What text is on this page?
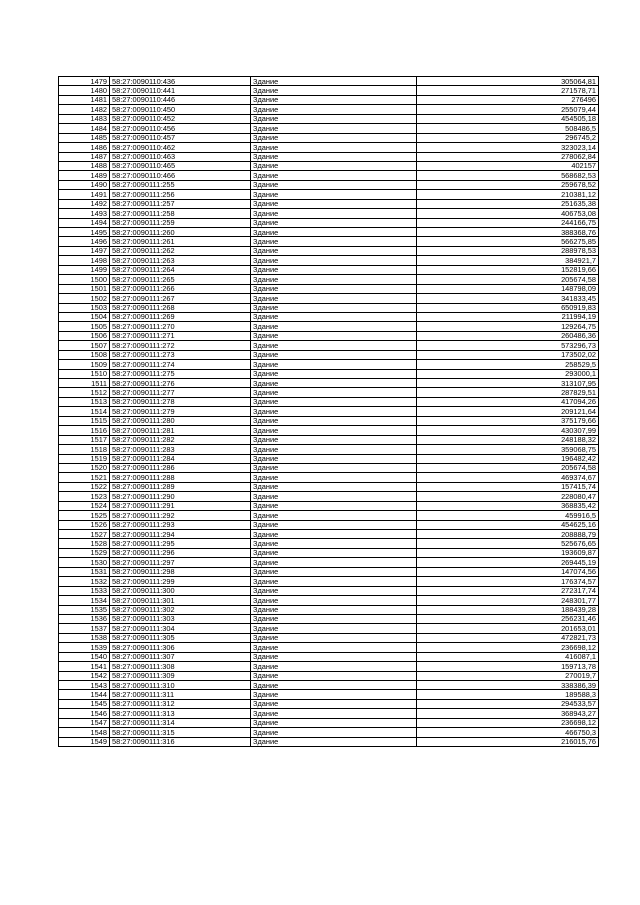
1479	58:27:0090110:436	Здание	305064,81
1480	58:27:0090110:441	Здание	271578,71
1481	58:27:0090110:446	Здание	276496
1482	58:27:0090110:450	Здание	255079,44
1483	58:27:0090110:452	Здание	454505,18
1484	58:27:0090110:456	Здание	508486,5
1485	58:27:0090110:457	Здание	296745,2
1486	58:27:0090110:462	Здание	323023,14
1487	58:27:0090110:463	Здание	278062,84
1488	58:27:0090110:465	Здание	402157
1489	58:27:0090110:466	Здание	568682,53
1490	58:27:0090111:255	Здание	259678,52
1491	58:27:0090111:256	Здание	210381,12
1492	58:27:0090111:257	Здание	251635,38
1493	58:27:0090111:258	Здание	406753,08
1494	58:27:0090111:259	Здание	244166,75
1495	58:27:0090111:260	Здание	388368,76
1496	58:27:0090111:261	Здание	566275,85
1497	58:27:0090111:262	Здание	288978,53
1498	58:27:0090111:263	Здание	384921,7
1499	58:27:0090111:264	Здание	152819,66
1500	58:27:0090111:265	Здание	205674,58
1501	58:27:0090111:266	Здание	148798,09
1502	58:27:0090111:267	Здание	341833,45
1503	58:27:0090111:268	Здание	650919,83
1504	58:27:0090111:269	Здание	211994,19
1505	58:27:0090111:270	Здание	129264,75
1506	58:27:0090111:271	Здание	260486,36
1507	58:27:0090111:272	Здание	573296,73
1508	58:27:0090111:273	Здание	173502,02
1509	58:27:0090111:274	Здание	258529,5
1510	58:27:0090111:275	Здание	293000,1
1511	58:27:0090111:276	Здание	313107,95
1512	58:27:0090111:277	Здание	287829,51
1513	58:27:0090111:278	Здание	417094,26
1514	58:27:0090111:279	Здание	209121,64
1515	58:27:0090111:280	Здание	375179,66
1516	58:27:0090111:281	Здание	430307,99
1517	58:27:0090111:282	Здание	248188,32
1518	58:27:0090111:283	Здание	359068,75
1519	58:27:0090111:284	Здание	196482,42
1520	58:27:0090111:286	Здание	205674,58
1521	58:27:0090111:288	Здание	469374,67
1522	58:27:0090111:289	Здание	157415,74
1523	58:27:0090111:290	Здание	228080,47
1524	58:27:0090111:291	Здание	368835,42
1525	58:27:0090111:292	Здание	459916,5
1526	58:27:0090111:293	Здание	454625,16
1527	58:27:0090111:294	Здание	208888,79
1528	58:27:0090111:295	Здание	525676,65
1529	58:27:0090111:296	Здание	193609,87
1530	58:27:0090111:297	Здание	269445,19
1531	58:27:0090111:298	Здание	147074,56
1532	58:27:0090111:299	Здание	176374,57
1533	58:27:0090111:300	Здание	272317,74
1534	58:27:0090111:301	Здание	248301,77
1535	58:27:0090111:302	Здание	188439,28
1536	58:27:0090111:303	Здание	256231,46
1537	58:27:0090111:304	Здание	201653,01
1538	58:27:0090111:305	Здание	472821,73
1539	58:27:0090111:306	Здание	236698,12
1540	58:27:0090111:307	Здание	416087,1
1541	58:27:0090111:308	Здание	159713,78
1542	58:27:0090111:309	Здание	270019,7
1543	58:27:0090111:310	Здание	338386,39
1544	58:27:0090111:311	Здание	189588,3
1545	58:27:0090111:312	Здание	294533,57
1546	58:27:0090111:313	Здание	368943,27
1547	58:27:0090111:314	Здание	236698,12
1548	58:27:0090111:315	Здание	466750,3
1549	58:27:0090111:316	Здание	216015,76
